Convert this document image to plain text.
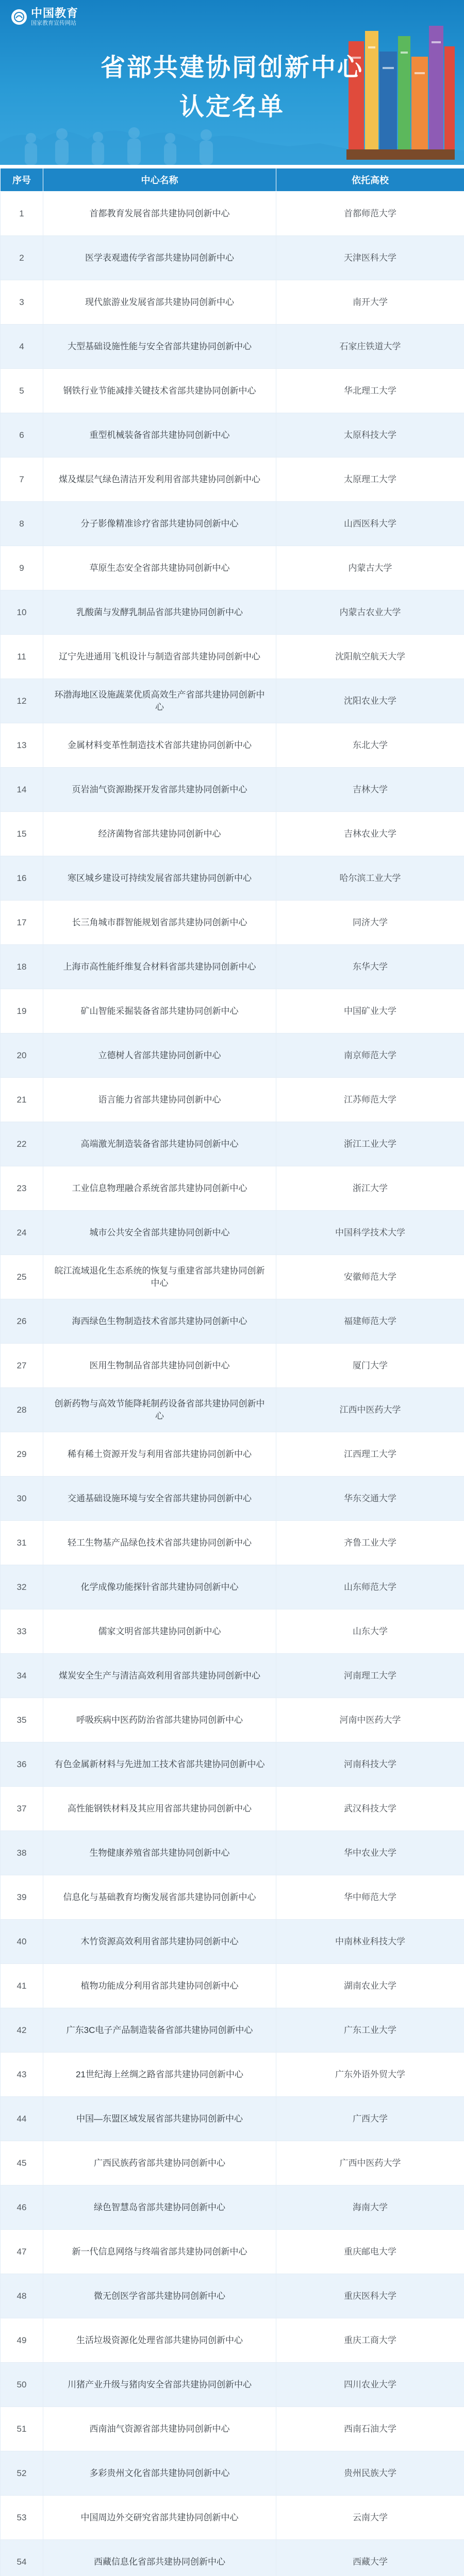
中国教育
国家教育宣传网站
省部共建协同创新中心
认定名单
序号	中心名称	依托高校
1	首都教育发展省部共建协同创新中心	首都师范大学
2	医学表观遗传学省部共建协同创新中心	天津医科大学
3	现代旅游业发展省部共建协同创新中心	南开大学
4	大型基础设施性能与安全省部共建协同创新中心	石家庄铁道大学
5	钢铁行业节能减排关键技术省部共建协同创新中心	华北理工大学
6	重型机械装备省部共建协同创新中心	太原科技大学
7	煤及煤层气绿色清洁开发利用省部共建协同创新中心	太原理工大学
8	分子影像精准诊疗省部共建协同创新中心	山西医科大学
9	草原生态安全省部共建协同创新中心	内蒙古大学
10	乳酸菌与发酵乳制品省部共建协同创新中心	内蒙古农业大学
11	辽宁先进通用飞机设计与制造省部共建协同创新中心	沈阳航空航天大学
12	环渤海地区设施蔬菜优质高效生产省部共建协同创新中心	沈阳农业大学
13	金属材料变革性制造技术省部共建协同创新中心	东北大学
14	页岩油气资源勘探开发省部共建协同创新中心	吉林大学
15	经济菌物省部共建协同创新中心	吉林农业大学
16	寒区城乡建设可持续发展省部共建协同创新中心	哈尔滨工业大学
17	长三角城市群智能规划省部共建协同创新中心	同济大学
18	上海市高性能纤维复合材料省部共建协同创新中心	东华大学
19	矿山智能采掘装备省部共建协同创新中心	中国矿业大学
20	立德树人省部共建协同创新中心	南京师范大学
21	语言能力省部共建协同创新中心	江苏师范大学
22	高端激光制造装备省部共建协同创新中心	浙江工业大学
23	工业信息物理融合系统省部共建协同创新中心	浙江大学
24	城市公共安全省部共建协同创新中心	中国科学技术大学
25	皖江流域退化生态系统的恢复与重建省部共建协同创新中心	安徽师范大学
26	海西绿色生物制造技术省部共建协同创新中心	福建师范大学
27	医用生物制品省部共建协同创新中心	厦门大学
28	创新药物与高效节能降耗制药设备省部共建协同创新中心	江西中医药大学
29	稀有稀土资源开发与利用省部共建协同创新中心	江西理工大学
30	交通基础设施环境与安全省部共建协同创新中心	华东交通大学
31	轻工生物基产品绿色技术省部共建协同创新中心	齐鲁工业大学
32	化学成像功能探针省部共建协同创新中心	山东师范大学
33	儒家文明省部共建协同创新中心	山东大学
34	煤炭安全生产与清洁高效利用省部共建协同创新中心	河南理工大学
35	呼吸疾病中医药防治省部共建协同创新中心	河南中医药大学
36	有色金属新材料与先进加工技术省部共建协同创新中心	河南科技大学
37	高性能钢铁材料及其应用省部共建协同创新中心	武汉科技大学
38	生物健康养殖省部共建协同创新中心	华中农业大学
39	信息化与基础教育均衡发展省部共建协同创新中心	华中师范大学
40	木竹资源高效利用省部共建协同创新中心	中南林业科技大学
41	植物功能成分利用省部共建协同创新中心	湖南农业大学
42	广东3C电子产品制造装备省部共建协同创新中心	广东工业大学
43	21世纪海上丝绸之路省部共建协同创新中心	广东外语外贸大学
44	中国—东盟区域发展省部共建协同创新中心	广西大学
45	广西民族药省部共建协同创新中心	广西中医药大学
46	绿色智慧岛省部共建协同创新中心	海南大学
47	新一代信息网络与终端省部共建协同创新中心	重庆邮电大学
48	微无创医学省部共建协同创新中心	重庆医科大学
49	生活垃圾资源化处理省部共建协同创新中心	重庆工商大学
50	川猪产业升级与猪肉安全省部共建协同创新中心	四川农业大学
51	西南油气资源省部共建协同创新中心	西南石油大学
52	多彩贵州文化省部共建协同创新中心	贵州民族大学
53	中国周边外交研究省部共建协同创新中心	云南大学
54	西藏信息化省部共建协同创新中心	西藏大学
